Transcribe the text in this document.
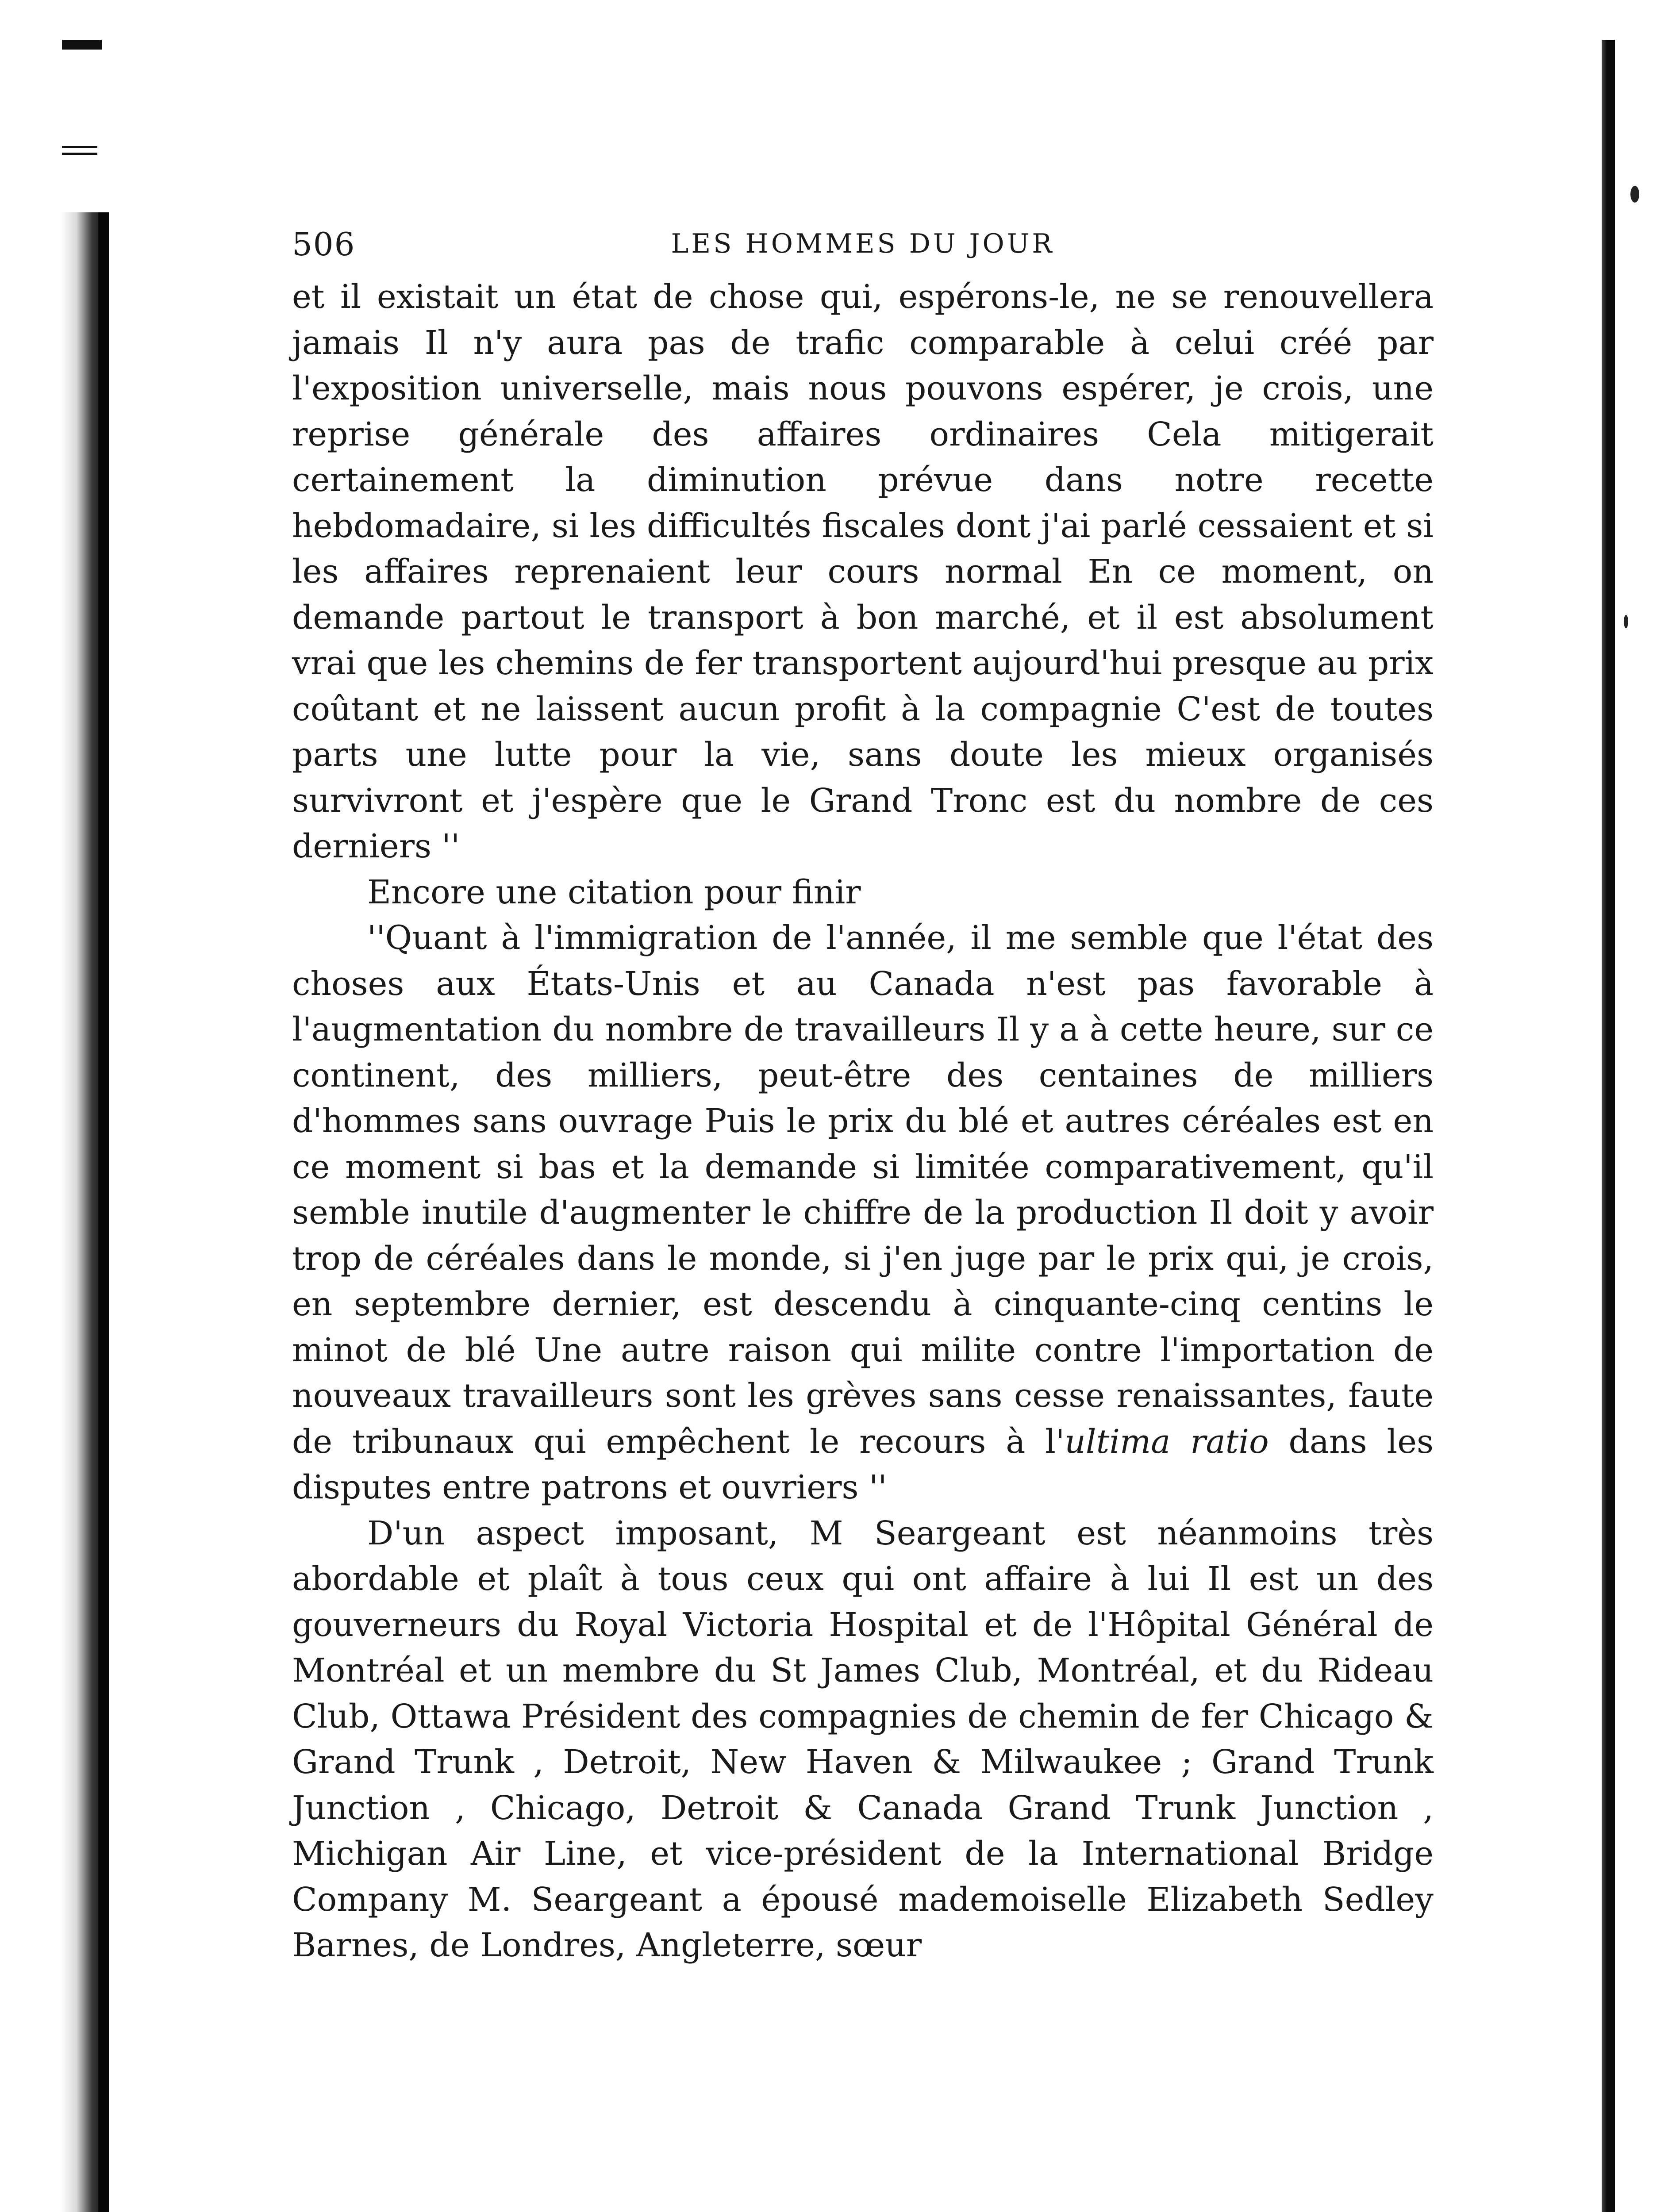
506	LES HOMMES DU JOUR

et il existait un état de chose qui, espérons-le, ne se renouvellera jamais Il n'y aura pas de trafic comparable à celui créé par l'exposition universelle, mais nous pouvons espérer, je crois, une reprise générale des affaires ordinaires Cela mitigerait certainement la diminution prévue dans notre recette hebdomadaire, si les difficultés fiscales dont j'ai parlé cessaient et si les affaires reprenaient leur cours normal En ce moment, on demande partout le transport à bon marché, et il est absolument vrai que les chemins de fer transportent aujourd'hui presque au prix coûtant et ne laissent aucun profit à la compagnie C'est de toutes parts une lutte pour la vie, sans doute les mieux organisés survivront et j'espère que le Grand Tronc est du nombre de ces derniers ''

Encore une citation pour finir

''Quant à l'immigration de l'année, il me semble que l'état des choses aux États-Unis et au Canada n'est pas favorable à l'augmentation du nombre de travailleurs Il y a à cette heure, sur ce continent, des milliers, peut-être des centaines de milliers d'hommes sans ouvrage Puis le prix du blé et autres céréales est en ce moment si bas et la demande si limitée comparativement, qu'il semble inutile d'augmenter le chiffre de la production Il doit y avoir trop de céréales dans le monde, si j'en juge par le prix qui, je crois, en septembre dernier, est descendu à cinquante-cinq centins le minot de blé Une autre raison qui milite contre l'importation de nouveaux travailleurs sont les grèves sans cesse renaissantes, faute de tribunaux qui empêchent le recours à l'ultima ratio dans les disputes entre patrons et ouvriers ''

D'un aspect imposant, M Seargeant est néanmoins très abordable et plaît à tous ceux qui ont affaire à lui Il est un des gouverneurs du Royal Victoria Hospital et de l'Hôpital Général de Montréal et un membre du St James Club, Montréal, et du Rideau Club, Ottawa Président des compagnies de chemin de fer Chicago & Grand Trunk , Detroit, New Haven & Milwaukee ; Grand Trunk Junction , Chicago, Detroit & Canada Grand Trunk Junction , Michigan Air Line, et vice-président de la International Bridge Company M. Seargeant a épousé mademoiselle Elizabeth Sedley Barnes, de Londres, Angleterre, sœur
